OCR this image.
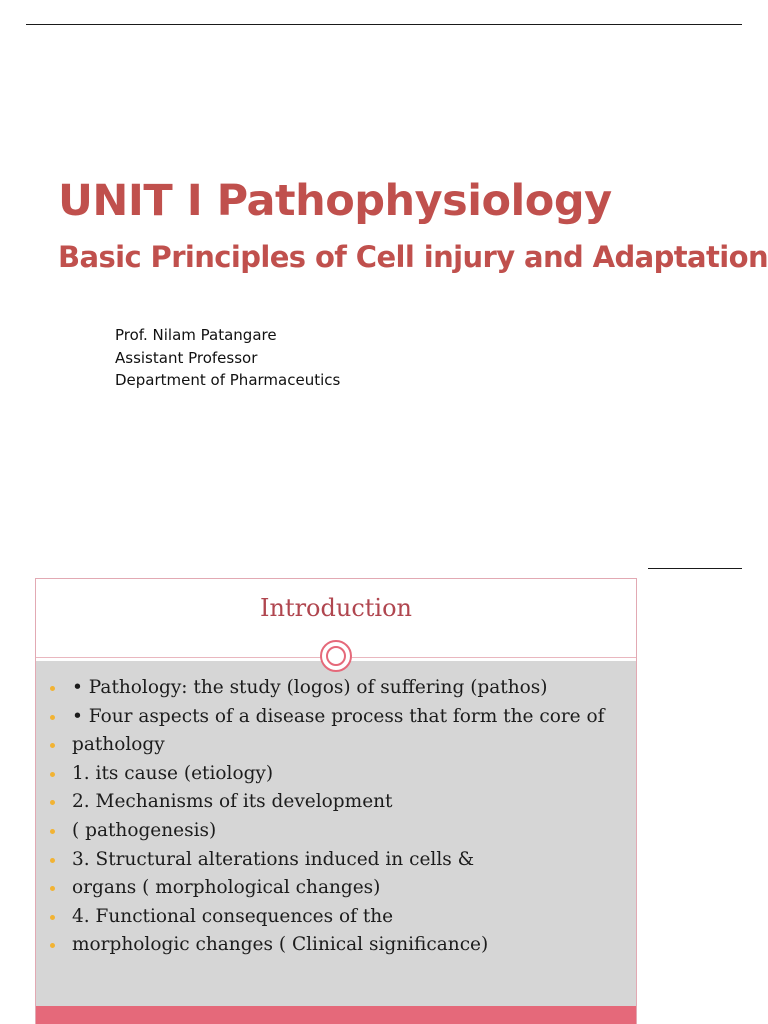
UNIT I Pathophysiology
Basic Principles of Cell injury and Adaptation
Prof. Nilam Patangare
Assistant Professor
Department of Pharmaceutics
Introduction
• Pathology: the study (logos) of suffering (pathos)
• Four aspects of a disease process that form the core of
pathology
1. its cause (etiology)
2. Mechanisms of its development
( pathogenesis)
3. Structural alterations induced in cells &
organs ( morphological changes)
4. Functional consequences of the
morphologic changes ( Clinical significance)
